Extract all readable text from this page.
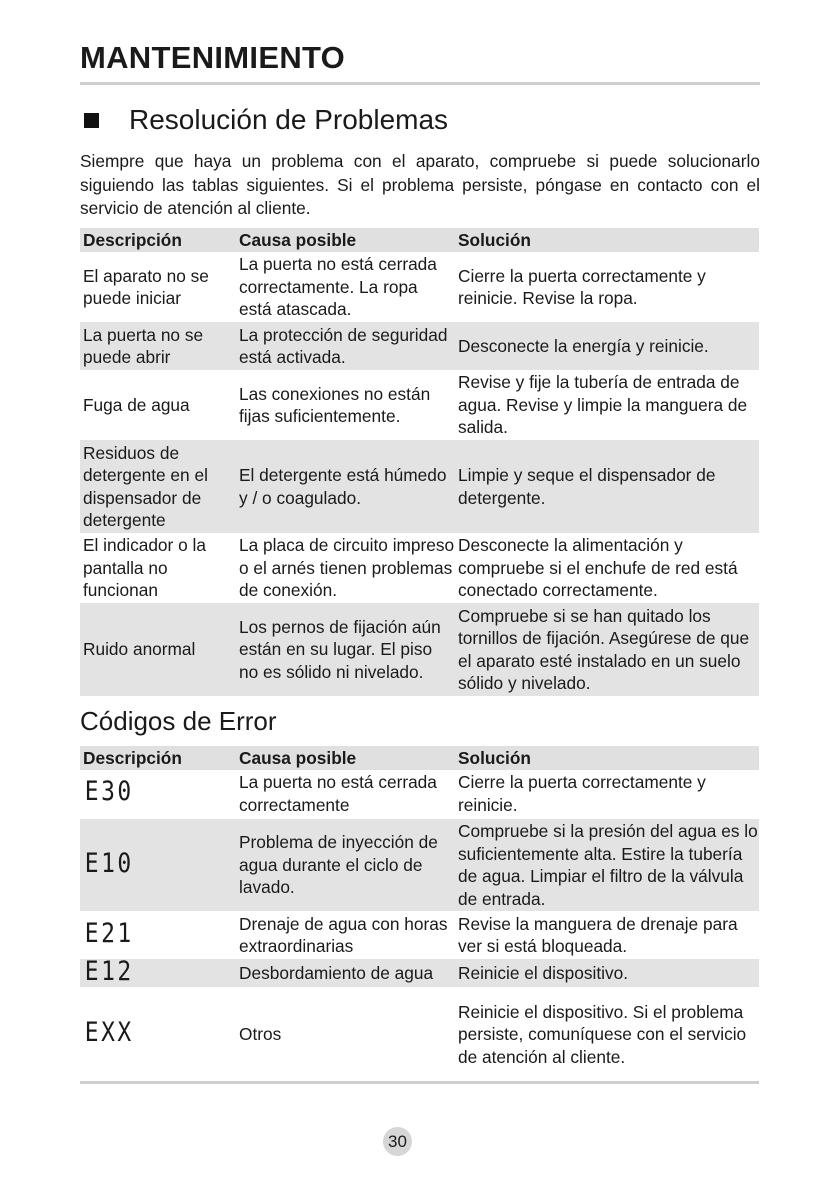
MANTENIMIENTO
Resolución de Problemas
Siempre que haya un problema con el aparato, compruebe si puede solucionarlo siguiendo las tablas siguientes. Si el problema persiste, póngase en contacto con el servicio de atención al cliente.
Descripción	Causa posible	Solución
El aparato no se puede iniciar	La puerta no está cerrada correctamente. La ropa está atascada.	Cierre la puerta correctamente y reinicie. Revise la ropa.
La puerta no se puede abrir	La protección de seguridad está activada.	Desconecte la energía y reinicie.
Fuga de agua	Las conexiones no están fijas suficientemente.	Revise y fije la tubería de entrada de agua. Revise y limpie la manguera de salida.
Residuos de detergente en el dispensador de detergente	El detergente está húmedo y / o coagulado.	Limpie y seque el dispensador de detergente.
El indicador o la pantalla no funcionan	La placa de circuito impreso o el arnés tienen problemas de conexión.	Desconecte la alimentación y compruebe si el enchufe de red está conectado correctamente.
Ruido anormal	Los pernos de fijación aún están en su lugar. El piso no es sólido ni nivelado.	Compruebe si se han quitado los tornillos de fijación. Asegúrese de que el aparato esté instalado en un suelo sólido y nivelado.
Códigos de Error
Descripción	Causa posible	Solución
E30	La puerta no está cerrada correctamente	Cierre la puerta correctamente y reinicie.
E10	Problema de inyección de agua durante el ciclo de lavado.	Compruebe si la presión del agua es lo suficientemente alta. Estire la tubería de agua. Limpiar el filtro de la válvula de entrada.
E21	Drenaje de agua con horas extraordinarias	Revise la manguera de drenaje para ver si está bloqueada.
E12	Desbordamiento de agua	Reinicie el dispositivo.
EXX	Otros	Reinicie el dispositivo. Si el problema persiste, comuníquese con el servicio de atención al cliente.
30
